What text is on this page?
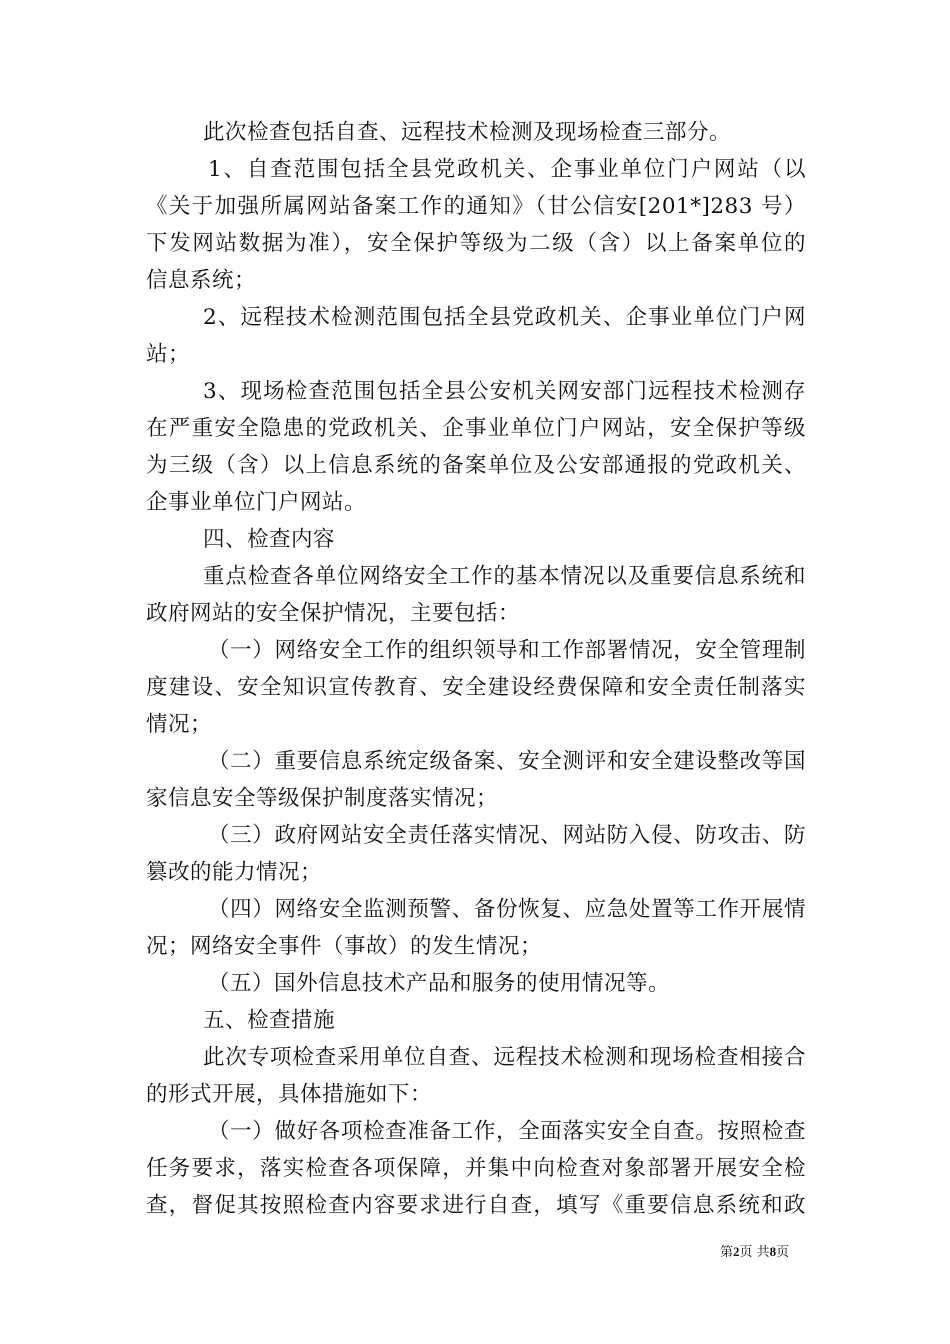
此次检查包括自查、远程技术检测及现场检查三部分。
1、自查范围包括全县党政机关、企事业单位门户网站（以
《关于加强所属网站备案工作的通知》（甘公信安[201*]283 号）
下发网站数据为准），安全保护等级为二级（含）以上备案单位的
信息系统；
2、远程技术检测范围包括全县党政机关、企事业单位门户网
站；
3、现场检查范围包括全县公安机关网安部门远程技术检测存
在严重安全隐患的党政机关、企事业单位门户网站，安全保护等级
为三级（含）以上信息系统的备案单位及公安部通报的党政机关、
企事业单位门户网站。
四、检查内容
重点检查各单位网络安全工作的基本情况以及重要信息系统和
政府网站的安全保护情况，主要包括：
（一）网络安全工作的组织领导和工作部署情况，安全管理制
度建设、安全知识宣传教育、安全建设经费保障和安全责任制落实
情况；
（二）重要信息系统定级备案、安全测评和安全建设整改等国
家信息安全等级保护制度落实情况；
（三）政府网站安全责任落实情况、网站防入侵、防攻击、防
篡改的能力情况；
（四）网络安全监测预警、备份恢复、应急处置等工作开展情
况；网络安全事件（事故）的发生情况；
（五）国外信息技术产品和服务的使用情况等。
五、检查措施
此次专项检查采用单位自查、远程技术检测和现场检查相接合
的形式开展，具体措施如下：
（一）做好各项检查准备工作，全面落实安全自查。按照检查
任务要求，落实检查各项保障，并集中向检查对象部署开展安全检
查，督促其按照检查内容要求进行自查，填写《重要信息系统和政
第2页 共8页
